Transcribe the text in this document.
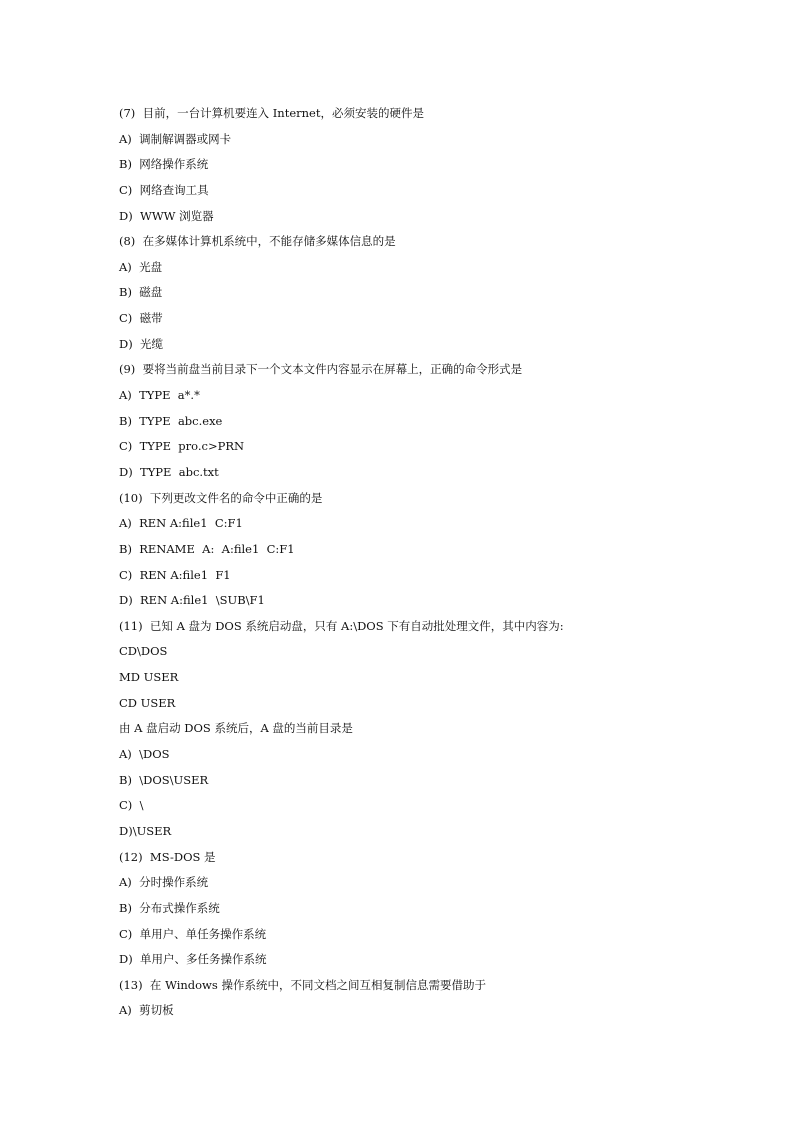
(7)  目前，一台计算机要连入 Internet，必须安装的硬件是
A)  调制解调器或网卡
B)  网络操作系统
C)  网络查询工具
D)  WWW 浏览器
(8)  在多媒体计算机系统中，不能存储多媒体信息的是
A)  光盘
B)  磁盘
C)  磁带
D)  光缆
(9)  要将当前盘当前目录下一个文本文件内容显示在屏幕上，正确的命令形式是
A)  TYPE  a*.*
B)  TYPE  abc.exe
C)  TYPE  pro.c>PRN
D)  TYPE  abc.txt
(10)  下列更改文件名的命令中正确的是
A)  REN A:file1  C:F1
B)  RENAME  A:  A:file1  C:F1
C)  REN A:file1  F1
D)  REN A:file1  \SUB\F1
(11)  已知 A 盘为 DOS 系统启动盘，只有 A:\DOS 下有自动批处理文件，其中内容为:
CD\DOS
MD USER
CD USER
由 A 盘启动 DOS 系统后，A 盘的当前目录是
A)  \DOS
B)  \DOS\USER
C)  \
D)\USER
(12)  MS-DOS 是
A)  分时操作系统
B)  分布式操作系统
C)  单用户、单任务操作系统
D)  单用户、多任务操作系统
(13)  在 Windows 操作系统中，不同文档之间互相复制信息需要借助于
A)  剪切板
